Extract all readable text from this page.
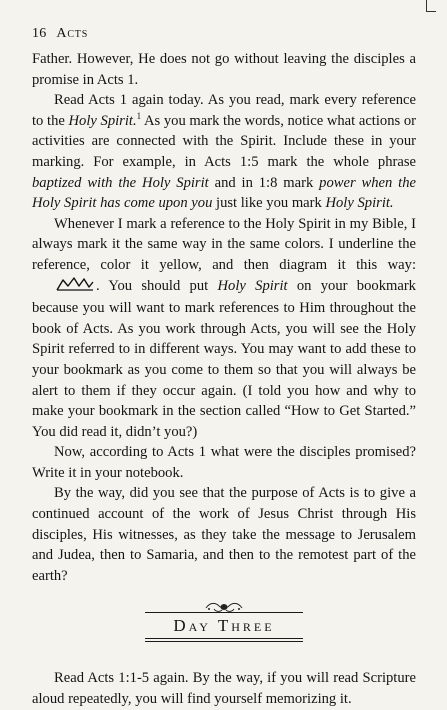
16 Acts

Father. However, He does not go without leaving the disciples a promise in Acts 1.

Read Acts 1 again today. As you read, mark every reference to the Holy Spirit.$^1$ As you mark the words, notice what actions or activities are connected with the Spirit. Include these in your marking. For example, in Acts 1:5 mark the whole phrase baptized with the Holy Spirit and in 1:8 mark power when the Holy Spirit has come upon you just like you mark Holy Spirit.

Whenever I mark a reference to the Holy Spirit in my Bible, I always mark it the same way in the same colors. I underline the reference, color it yellow, and then diagram it this way: . You should put Holy Spirit on your bookmark because you will want to mark references to Him throughout the book of Acts. As you work through Acts, you will see the Holy Spirit referred to in different ways. You may want to add these to your bookmark as you come to them so that you will always be alert to them if they occur again. (I told you how and why to make your bookmark in the section called “How to Get Started.” You did read it, didn’t you?)

Now, according to Acts 1 what were the disciples promised? Write it in your notebook.

By the way, did you see that the purpose of Acts is to give a continued account of the work of Jesus Christ through His disciples, His witnesses, as they take the message to Jerusalem and Judea, then to Samaria, and then to the remotest part of the earth?

Day Three

Read Acts 1:1-5 again. By the way, if you will read Scripture aloud repeatedly, you will find yourself memorizing it.
